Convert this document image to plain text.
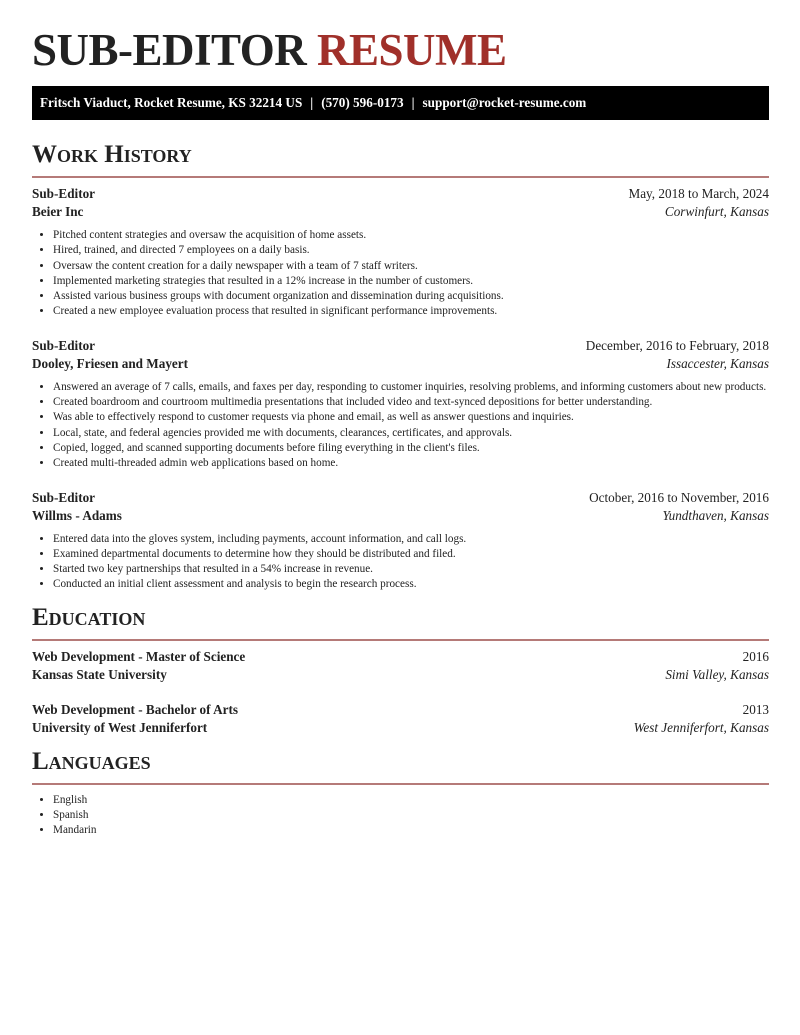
SUB-EDITOR RESUME
Fritsch Viaduct, Rocket Resume, KS 32214 US | (570) 596-0173 | support@rocket-resume.com
Work History
Sub-Editor	May, 2018 to March, 2024
Beier Inc	Corwinfurt, Kansas
• Pitched content strategies and oversaw the acquisition of home assets.
• Hired, trained, and directed 7 employees on a daily basis.
• Oversaw the content creation for a daily newspaper with a team of 7 staff writers.
• Implemented marketing strategies that resulted in a 12% increase in the number of customers.
• Assisted various business groups with document organization and dissemination during acquisitions.
• Created a new employee evaluation process that resulted in significant performance improvements.
Sub-Editor	December, 2016 to February, 2018
Dooley, Friesen and Mayert	Issaccester, Kansas
• Answered an average of 7 calls, emails, and faxes per day, responding to customer inquiries, resolving problems, and informing customers about new products.
• Created boardroom and courtroom multimedia presentations that included video and text-synced depositions for better understanding.
• Was able to effectively respond to customer requests via phone and email, as well as answer questions and inquiries.
• Local, state, and federal agencies provided me with documents, clearances, certificates, and approvals.
• Copied, logged, and scanned supporting documents before filing everything in the client's files.
• Created multi-threaded admin web applications based on home.
Sub-Editor	October, 2016 to November, 2016
Willms - Adams	Yundthaven, Kansas
• Entered data into the gloves system, including payments, account information, and call logs.
• Examined departmental documents to determine how they should be distributed and filed.
• Started two key partnerships that resulted in a 54% increase in revenue.
• Conducted an initial client assessment and analysis to begin the research process.
Education
Web Development - Master of Science	2016
Kansas State University	Simi Valley, Kansas
Web Development - Bachelor of Arts	2013
University of West Jenniferfort	West Jenniferfort, Kansas
Languages
• English
• Spanish
• Mandarin
